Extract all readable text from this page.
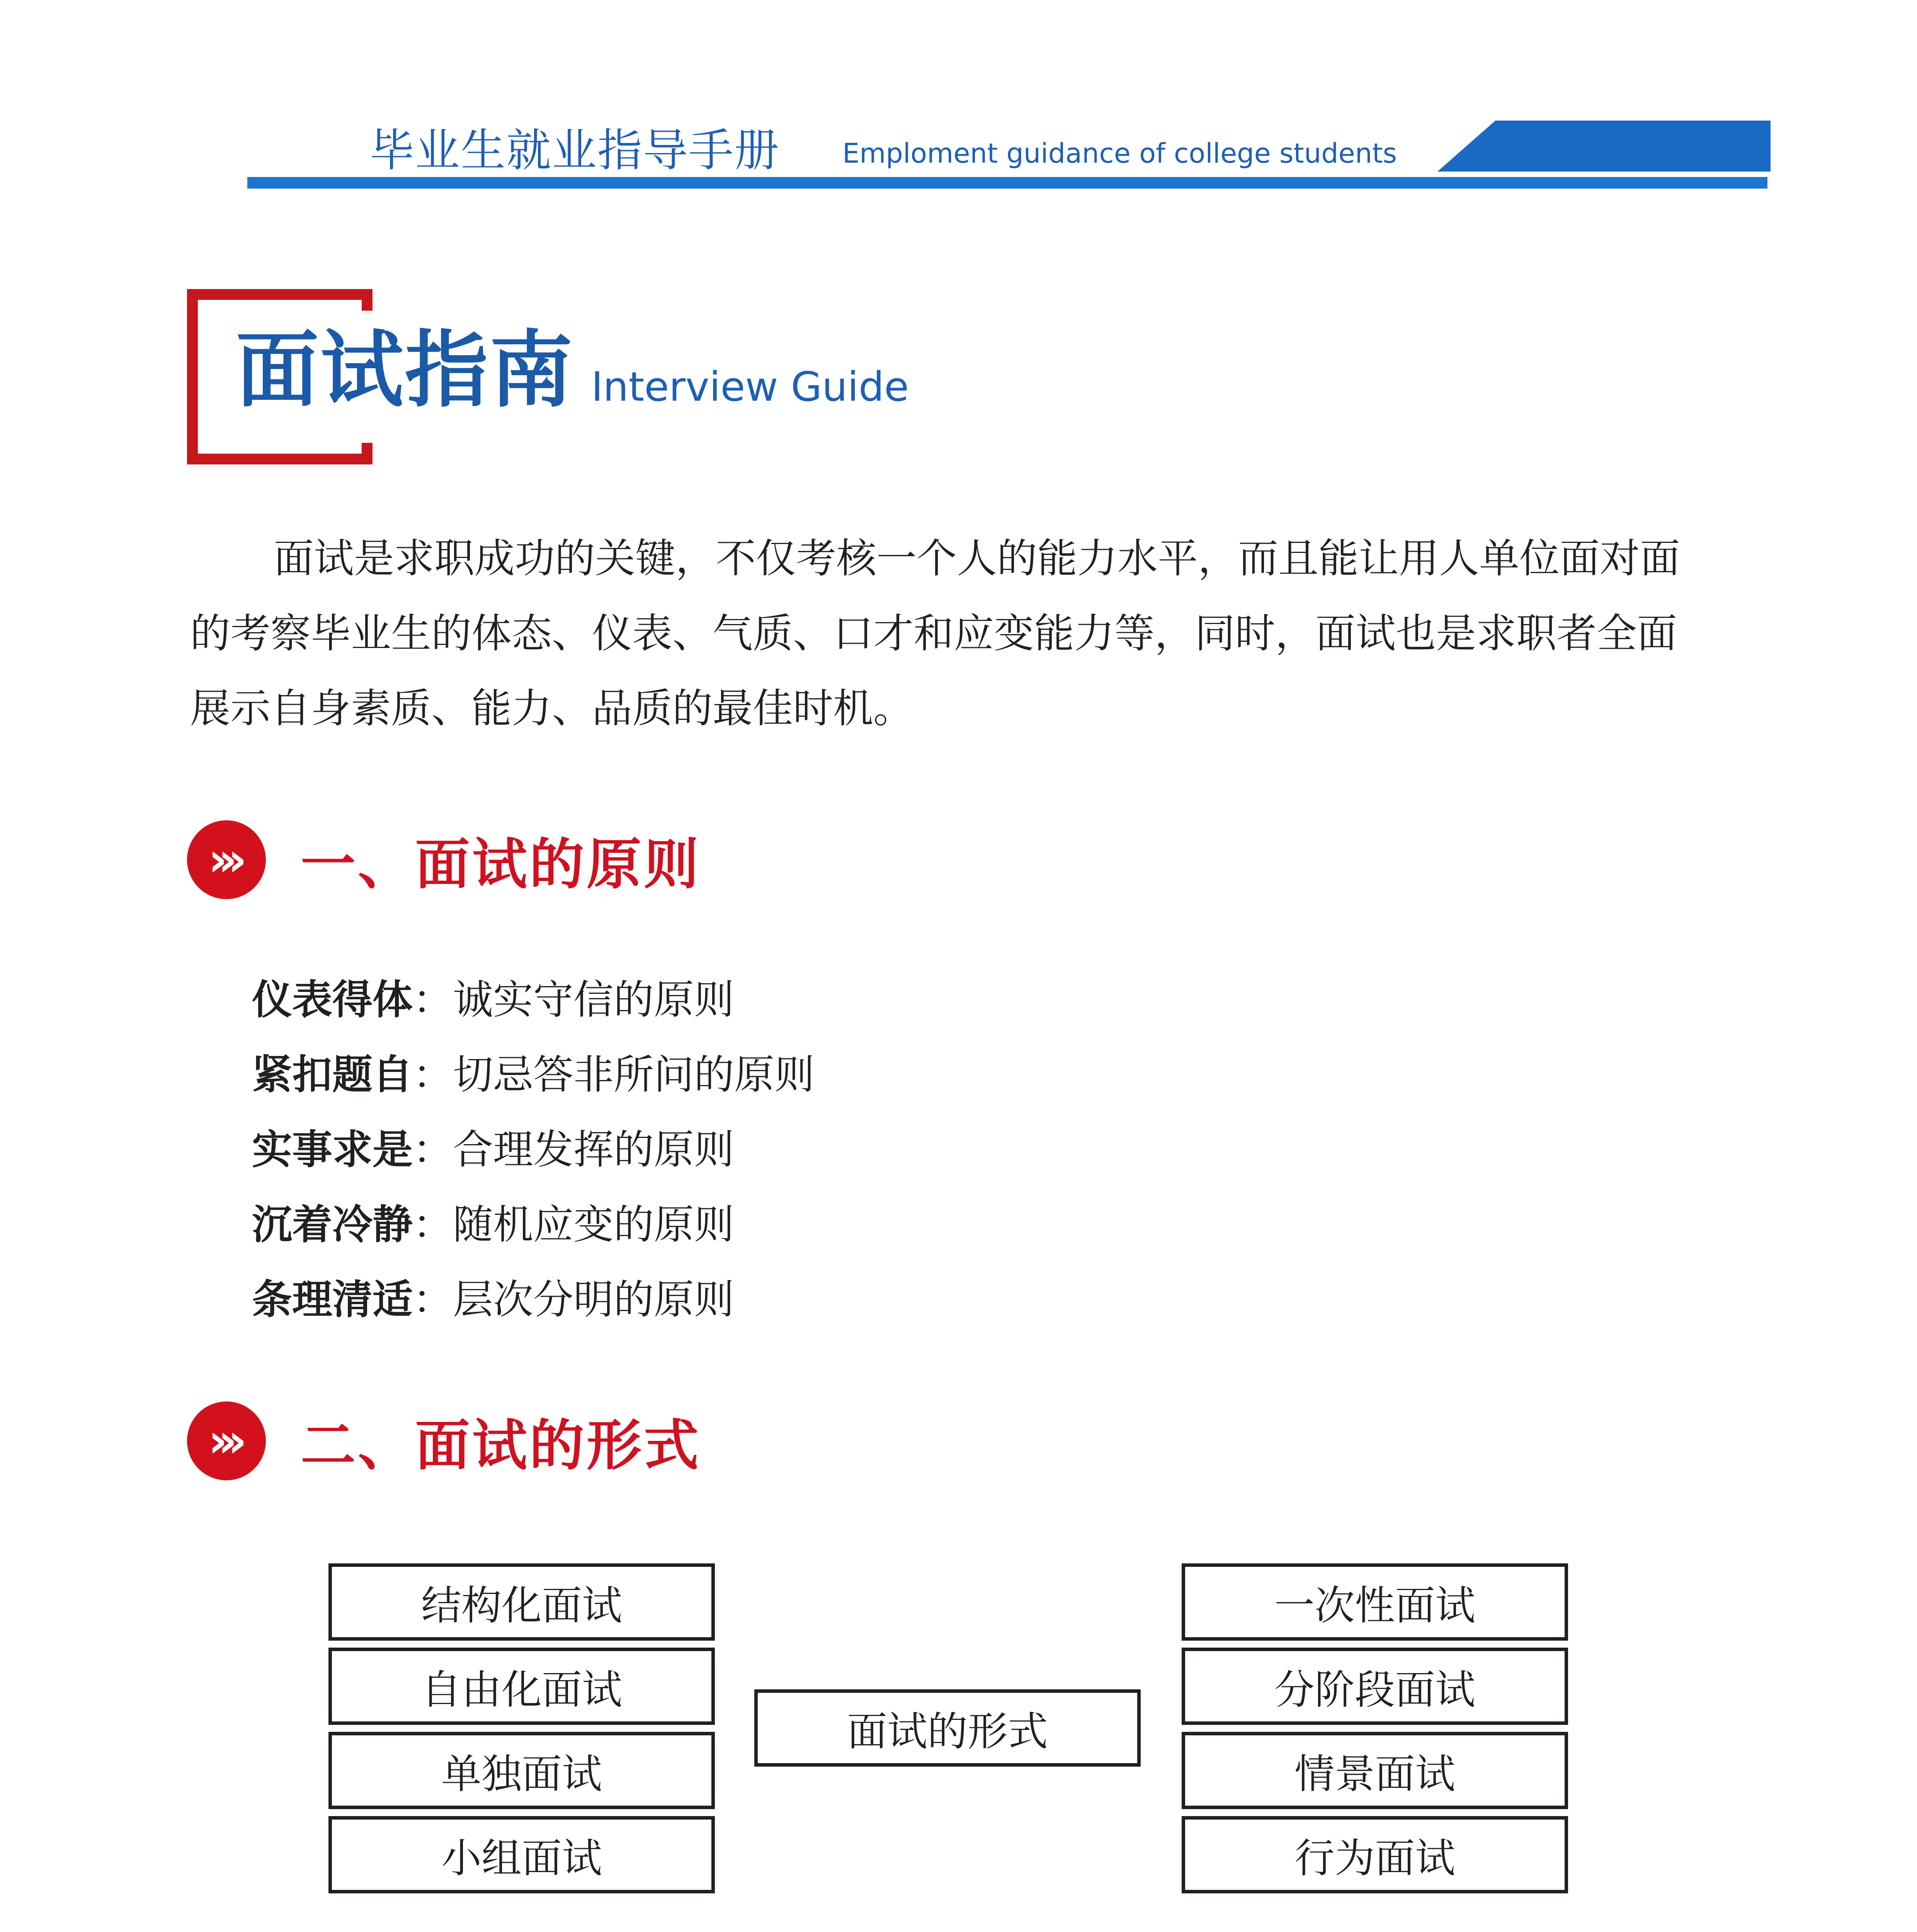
毕业生就业指导手册 Emploment guidance of college students
面试指南 Interview Guide

面试是求职成功的关键，不仅考核一个人的能力水平，而且能让用人单位面对面的考察毕业生的体态、仪表、气质、口才和应变能力等，同时，面试也是求职者全面展示自身素质、能力、品质的最佳时机。

›››	一、面试的原则
仪表得体：诚实守信的原则
紧扣题自：切忌答非所问的原则
实事求是：合理发挥的原则
沉着冷静：随机应变的原则
条理清适：层次分明的原则
›››	二、面试的形式
结构化面试
自由化面试
单独面试
小组面试
面试的形式
一次性面试
分阶段面试
情景面试
行为面试
